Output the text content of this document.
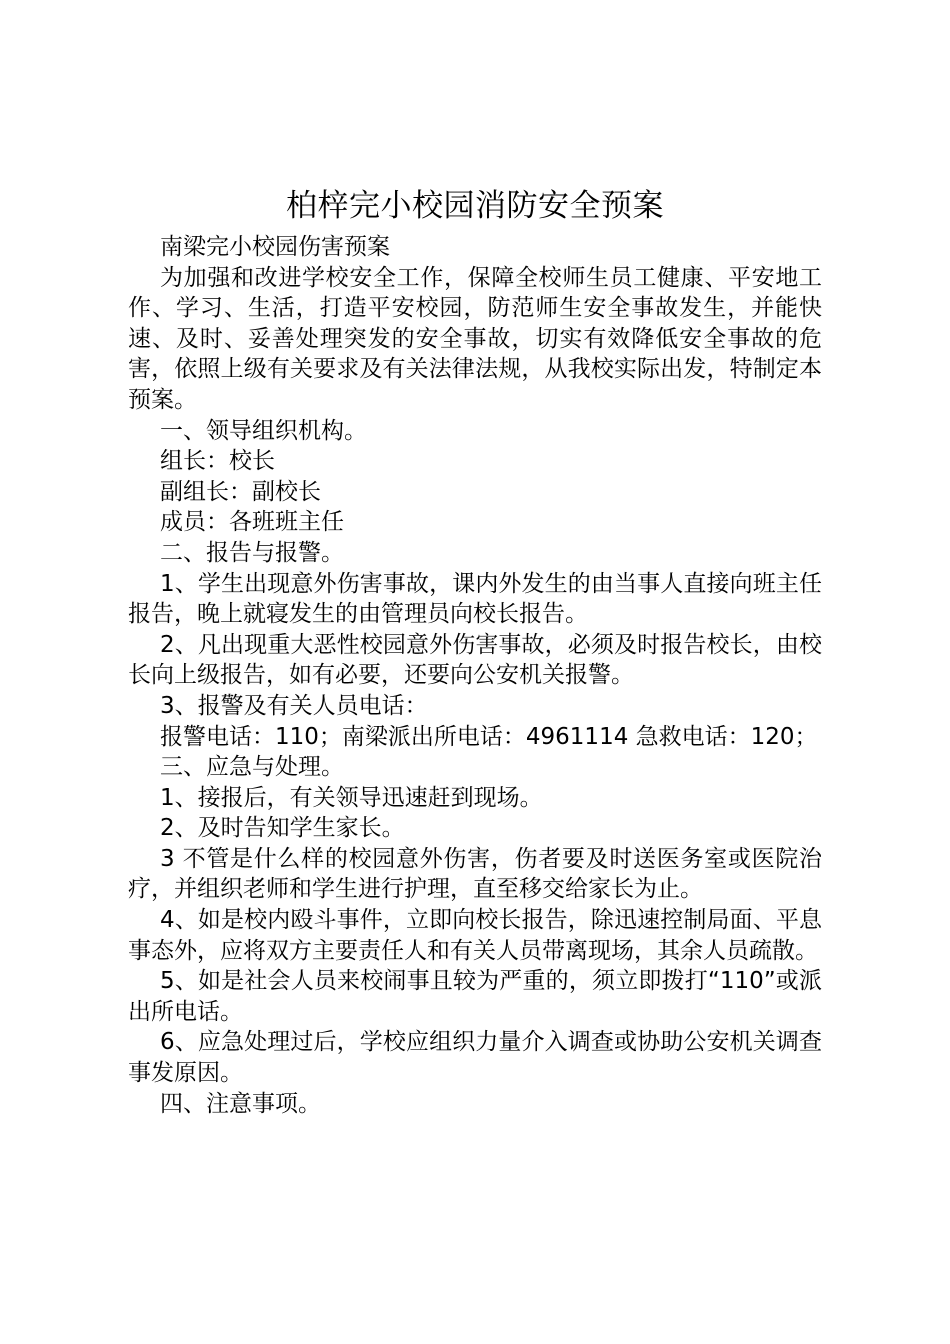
柏梓完小校园消防安全预案

南梁完小校园伤害预案

为加强和改进学校安全工作，保障全校师生员工健康、平安地工作、学习、生活，打造平安校园，防范师生安全事故发生，并能快速、及时、妥善处理突发的安全事故，切实有效降低安全事故的危害，依照上级有关要求及有关法律法规，从我校实际出发，特制定本预案。

一、领导组织机构。

组长：校长

副组长：副校长

成员：各班班主任

二、报告与报警。

1、学生出现意外伤害事故，课内外发生的由当事人直接向班主任报告，晚上就寝发生的由管理员向校长报告。

2、凡出现重大恶性校园意外伤害事故，必须及时报告校长，由校长向上级报告，如有必要，还要向公安机关报警。

3、报警及有关人员电话：

报警电话：110；南梁派出所电话：4961114 急救电话：120；

三、应急与处理。

1、接报后，有关领导迅速赶到现场。

2、及时告知学生家长。

3 不管是什么样的校园意外伤害，伤者要及时送医务室或医院治疗，并组织老师和学生进行护理，直至移交给家长为止。

4、如是校内殴斗事件，立即向校长报告，除迅速控制局面、平息事态外，应将双方主要责任人和有关人员带离现场，其余人员疏散。

5、如是社会人员来校闹事且较为严重的，须立即拨打“110”或派出所电话。

6、应急处理过后，学校应组织力量介入调查或协助公安机关调查事发原因。

四、注意事项。
